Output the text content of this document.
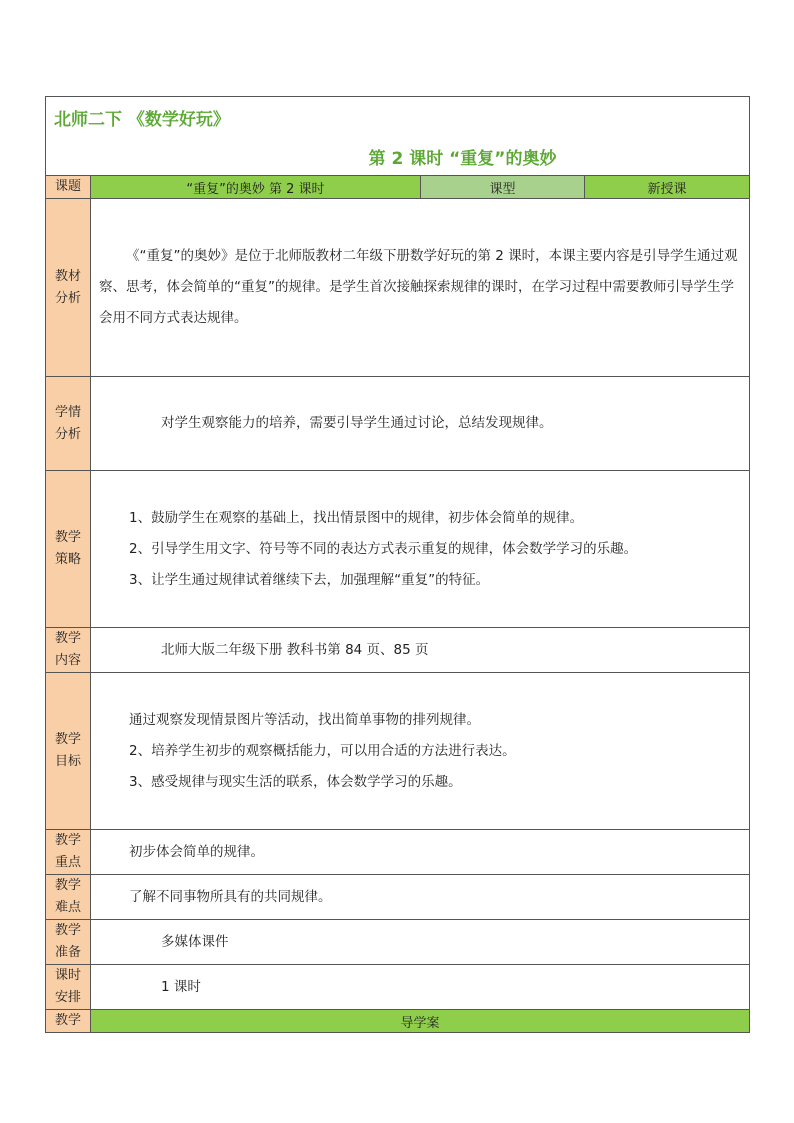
北师二下 《数学好玩》			
第 2 课时 “重复”的奥妙			
课题	“重复”的奥妙 第 2 课时	课型	新授课
教材分析	《“重复”的奥妙》是位于北师版教材二年级下册数学好玩的第 2 课时，本课主要内容是引导学生通过观察、思考，体会简单的“重复”的规律。是学生首次接触探索规律的课时，在学习过程中需要教师引导学生学会用不同方式表达规律。		

学情分析	对学生观察能力的培养，需要引导学生通过讨论，总结发现规律。		
教学策略	1、鼓励学生在观察的基础上，找出情景图中的规律，初步体会简单的规律。
2、引导学生用文字、符号等不同的表达方式表示重复的规律，体会数学学习的乐趣。
3、让学生通过规律试着继续下去，加强理解“重复”的特征。		

教学内容	北师大版二年级下册 教科书第 84 页、85 页		
教学目标	通过观察发现情景图片等活动，找出简单事物的排列规律。
2、培养学生初步的观察概括能力，可以用合适的方法进行表达。
3、感受规律与现实生活的联系，体会数学学习的乐趣。		

教学重点	初步体会简单的规律。		
教学难点	了解不同事物所具有的共同规律。		
教学准备	多媒体课件		
课时安排	1 课时		
教学	导学案		
